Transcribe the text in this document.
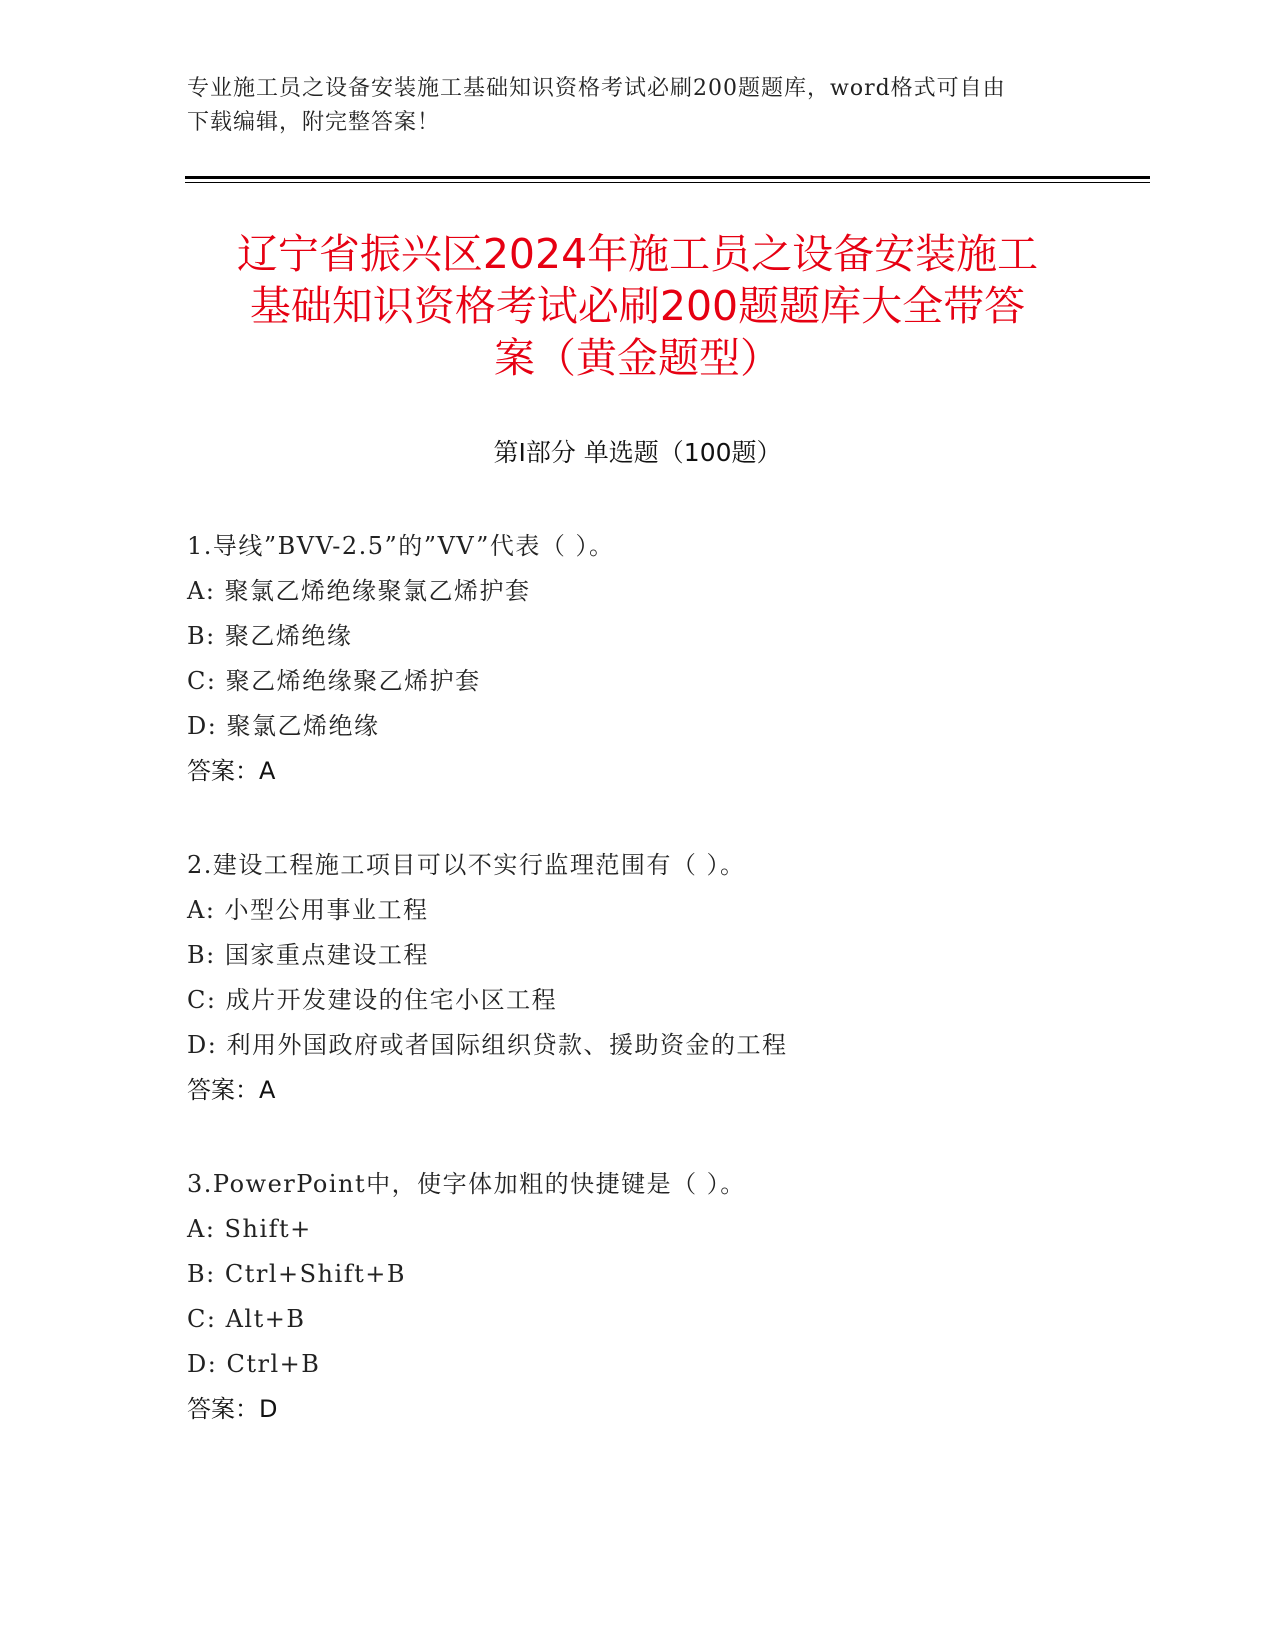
专业施工员之设备安装施工基础知识资格考试必刷200题题库，word格式可自由
下载编辑，附完整答案！
辽宁省振兴区2024年施工员之设备安装施工
基础知识资格考试必刷200题题库大全带答
案（黄金题型）
第Ⅰ部分 单选题（100题）
1.导线”BVV-2.5”的”VV”代表（ ）。
A: 聚氯乙烯绝缘聚氯乙烯护套
B: 聚乙烯绝缘
C: 聚乙烯绝缘聚乙烯护套
D: 聚氯乙烯绝缘
答案：A
2.建设工程施工项目可以不实行监理范围有（ ）。
A: 小型公用事业工程
B: 国家重点建设工程
C: 成片开发建设的住宅小区工程
D: 利用外国政府或者国际组织贷款、援助资金的工程
答案：A
3.PowerPoint中，使字体加粗的快捷键是（ ）。
A: Shift+
B: Ctrl+Shift+B
C: Alt+B
D: Ctrl+B
答案：D
